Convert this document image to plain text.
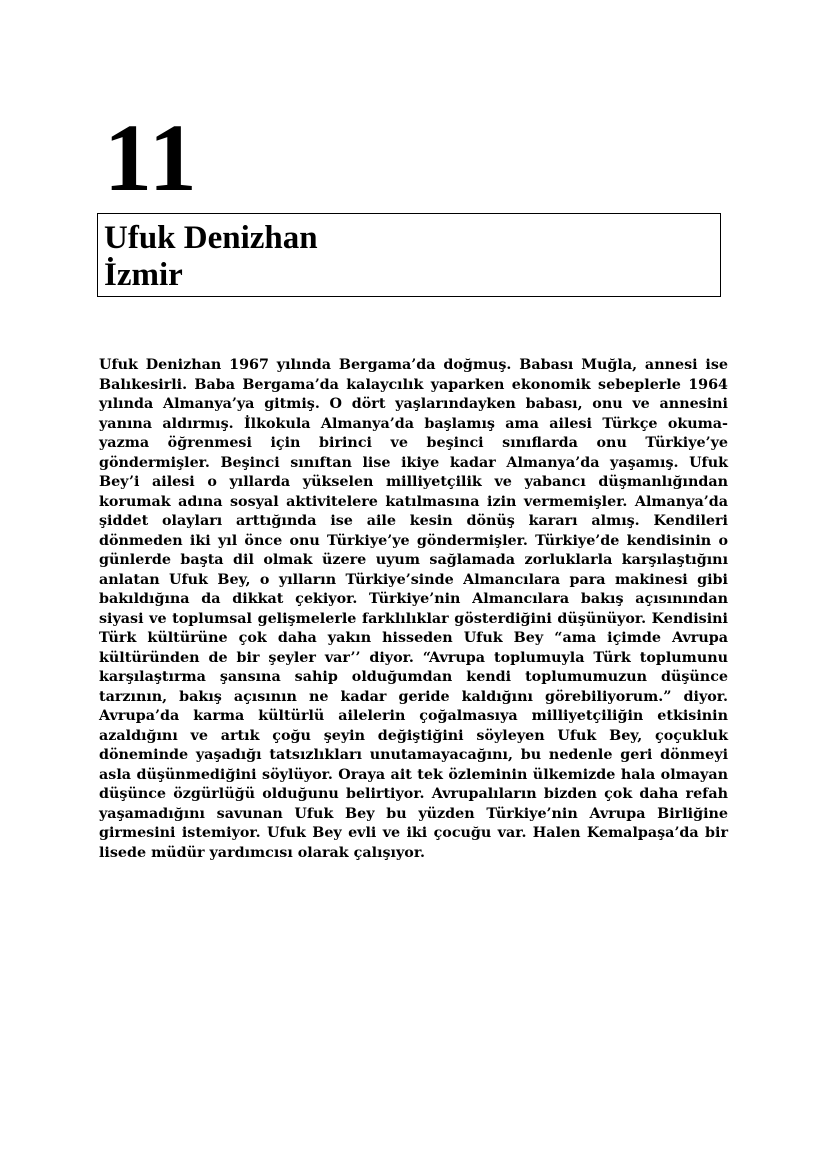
11
Ufuk Denizhan
İzmir

Ufuk Denizhan 1967 yılında Bergama’da doğmuş. Babası Muğla, annesi ise Balıkesirli. Baba Bergama’da kalaycılık yaparken ekonomik sebeplerle 1964 yılında Almanya’ya gitmiş. O dört yaşlarındayken babası, onu ve annesini yanına aldırmış. İlkokula Almanya’da başlamış ama ailesi Türkçe okuma-yazma öğrenmesi için birinci ve beşinci sınıflarda onu Türkiye’ye göndermişler. Beşinci sınıftan lise ikiye kadar Almanya’da yaşamış. Ufuk Bey’i ailesi o yıllarda yükselen milliyetçilik ve yabancı düşmanlığından korumak adına sosyal aktivitelere katılmasına izin vermemişler. Almanya’da şiddet olayları arttığında ise aile kesin dönüş kararı almış. Kendileri dönmeden iki yıl önce onu Türkiye’ye göndermişler. Türkiye’de kendisinin o günlerde başta dil olmak üzere uyum sağlamada zorluklarla karşılaştığını anlatan Ufuk Bey, o yılların Türkiye’sinde Almancılara para makinesi gibi bakıldığına da dikkat çekiyor. Türkiye’nin Almancılara bakış açısınından siyasi ve toplumsal gelişmelerle farklılıklar gösterdiğini düşünüyor. Kendisini Türk kültürüne çok daha yakın hisseden Ufuk Bey “ama içimde Avrupa kültüründen de bir şeyler var’’ diyor. “Avrupa toplumuyla Türk toplumunu karşılaştırma şansına sahip olduğumdan kendi toplumumuzun düşünce tarzının, bakış açısının ne kadar geride kaldığını görebiliyorum.” diyor. Avrupa’da karma kültürlü ailelerin çoğalmasıya milliyetçiliğin etkisinin azaldığını ve artık çoğu şeyin değiştiğini söyleyen Ufuk Bey, çoçukluk döneminde yaşadığı tatsızlıkları unutamayacağını, bu nedenle geri dönmeyi asla düşünmediğini söylüyor. Oraya ait tek özleminin ülkemizde hala olmayan düşünce özgürlüğü olduğunu belirtiyor. Avrupalıların bizden çok daha refah yaşamadığını savunan Ufuk Bey bu yüzden Türkiye’nin Avrupa Birliğine girmesini istemiyor. Ufuk Bey evli ve iki çocuğu var. Halen Kemalpaşa’da bir lisede müdür yardımcısı olarak çalışıyor.
